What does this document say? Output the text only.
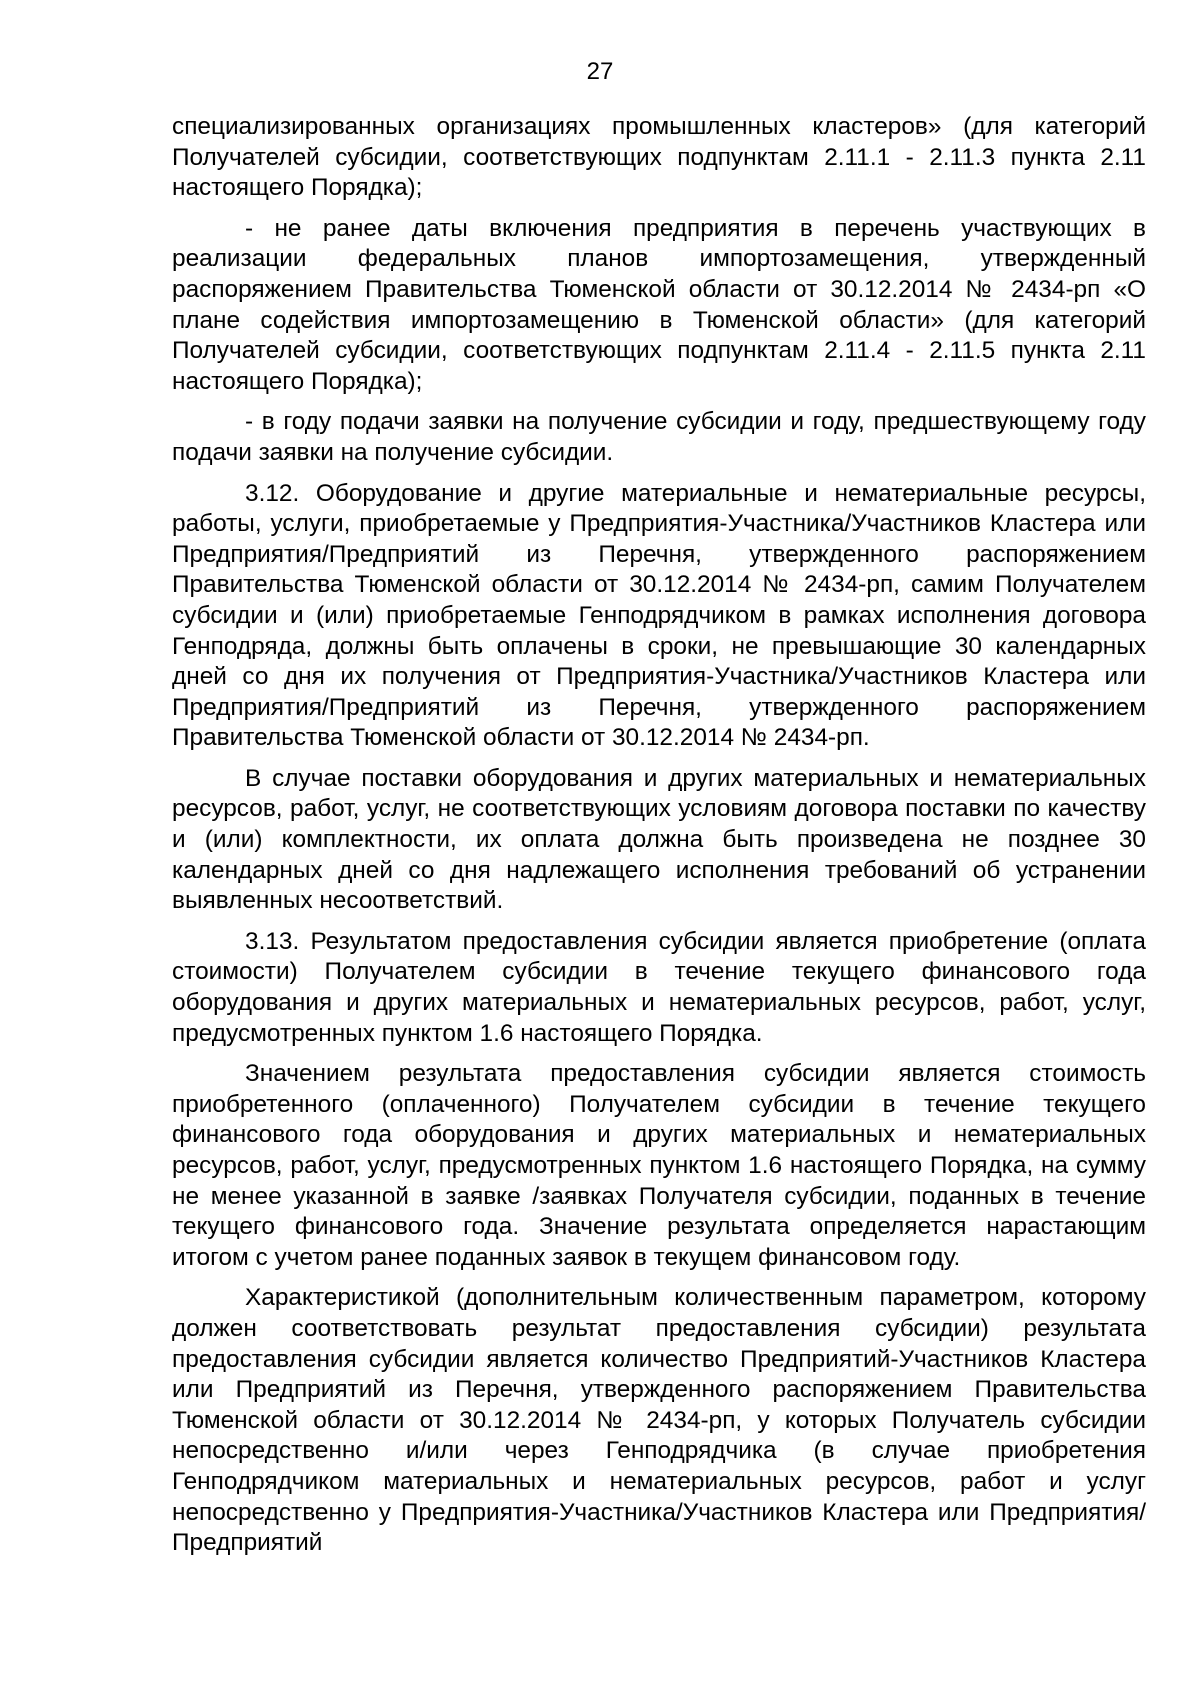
27

специализированных организациях промышленных кластеров» (для категорий Получателей субсидии, соответствующих подпунктам 2.11.1 - 2.11.3 пункта 2.11 настоящего Порядка);

- не ранее даты включения предприятия в перечень участвующих в реализации федеральных планов импортозамещения, утвержденный распоряжением Правительства Тюменской области от 30.12.2014 № 2434-рп «О плане содействия импортозамещению в Тюменской области» (для категорий Получателей субсидии, соответствующих подпунктам 2.11.4 - 2.11.5 пункта 2.11 настоящего Порядка);

- в году подачи заявки на получение субсидии и году, предшествующему году подачи заявки на получение субсидии.

3.12. Оборудование и другие материальные и нематериальные ресурсы, работы, услуги, приобретаемые у Предприятия-Участника/Участников Кластера или Предприятия/Предприятий из Перечня, утвержденного распоряжением Правительства Тюменской области от 30.12.2014 № 2434-рп, самим Получателем субсидии и (или) приобретаемые Генподрядчиком в рамках исполнения договора Генподряда, должны быть оплачены в сроки, не превышающие 30 календарных дней со дня их получения от Предприятия-Участника/Участников Кластера или Предприятия/Предприятий из Перечня, утвержденного распоряжением Правительства Тюменской области от 30.12.2014 № 2434-рп.

В случае поставки оборудования и других материальных и нематериальных ресурсов, работ, услуг, не соответствующих условиям договора поставки по качеству и (или) комплектности, их оплата должна быть произведена не позднее 30 календарных дней со дня надлежащего исполнения требований об устранении выявленных несоответствий.

3.13. Результатом предоставления субсидии является приобретение (оплата стоимости) Получателем субсидии в течение текущего финансового года оборудования и других материальных и нематериальных ресурсов, работ, услуг, предусмотренных пунктом 1.6 настоящего Порядка.

Значением результата предоставления субсидии является стоимость приобретенного (оплаченного) Получателем субсидии в течение текущего финансового года оборудования и других материальных и нематериальных ресурсов, работ, услуг, предусмотренных пунктом 1.6 настоящего Порядка, на сумму не менее указанной в заявке /заявках Получателя субсидии, поданных в течение текущего финансового года. Значение результата определяется нарастающим итогом с учетом ранее поданных заявок в текущем финансовом году.

Характеристикой (дополнительным количественным параметром, которому должен соответствовать результат предоставления субсидии) результата предоставления субсидии является количество Предприятий-Участников Кластера или Предприятий из Перечня, утвержденного распоряжением Правительства Тюменской области от 30.12.2014 № 2434-рп, у которых Получатель субсидии непосредственно и/или через Генподрядчика (в случае приобретения Генподрядчиком материальных и нематериальных ресурсов, работ и услуг непосредственно у Предприятия-Участника/Участников Кластера или Предприятия/Предприятий
